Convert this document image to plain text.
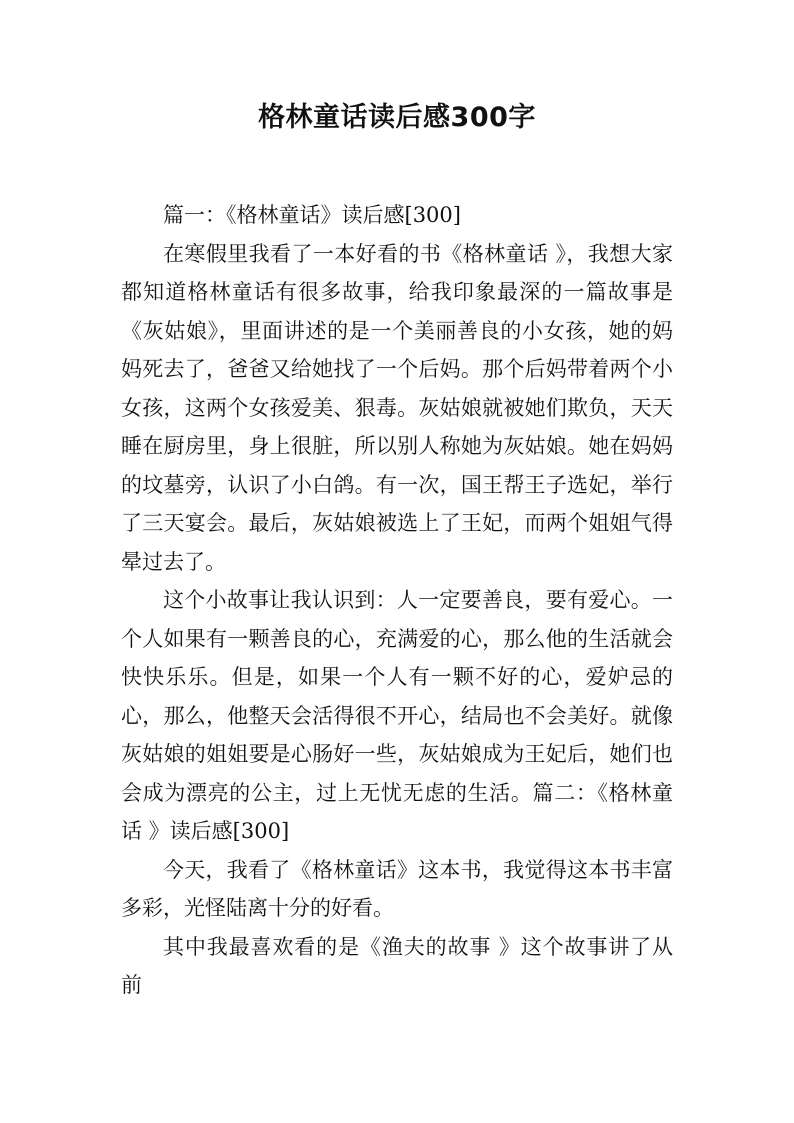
格林童话读后感300字

篇一：《格林童话》读后感[300]

在寒假里我看了一本好看的书《格林童话 》，我想大家都知道格林童话有很多故事，给我印象最深的一篇故事是《灰姑娘》，里面讲述的是一个美丽善良的小女孩，她的妈妈死去了，爸爸又给她找了一个后妈。那个后妈带着两个小女孩，这两个女孩爱美、狠毒。灰姑娘就被她们欺负，天天睡在厨房里，身上很脏，所以别人称她为灰姑娘。她在妈妈的坟墓旁，认识了小白鸽。有一次，国王帮王子选妃，举行了三天宴会。最后，灰姑娘被选上了王妃，而两个姐姐气得晕过去了。

这个小故事让我认识到：人一定要善良，要有爱心。一个人如果有一颗善良的心，充满爱的心，那么他的生活就会快快乐乐。但是，如果一个人有一颗不好的心，爱妒忌的心，那么，他整天会活得很不开心，结局也不会美好。就像灰姑娘的姐姐要是心肠好一些，灰姑娘成为王妃后，她们也会成为漂亮的公主，过上无忧无虑的生活。篇二：《格林童话 》读后感[300]

今天，我看了《格林童话》这本书，我觉得这本书丰富多彩，光怪陆离十分的好看。

其中我最喜欢看的是《渔夫的故事 》这个故事讲了从前
